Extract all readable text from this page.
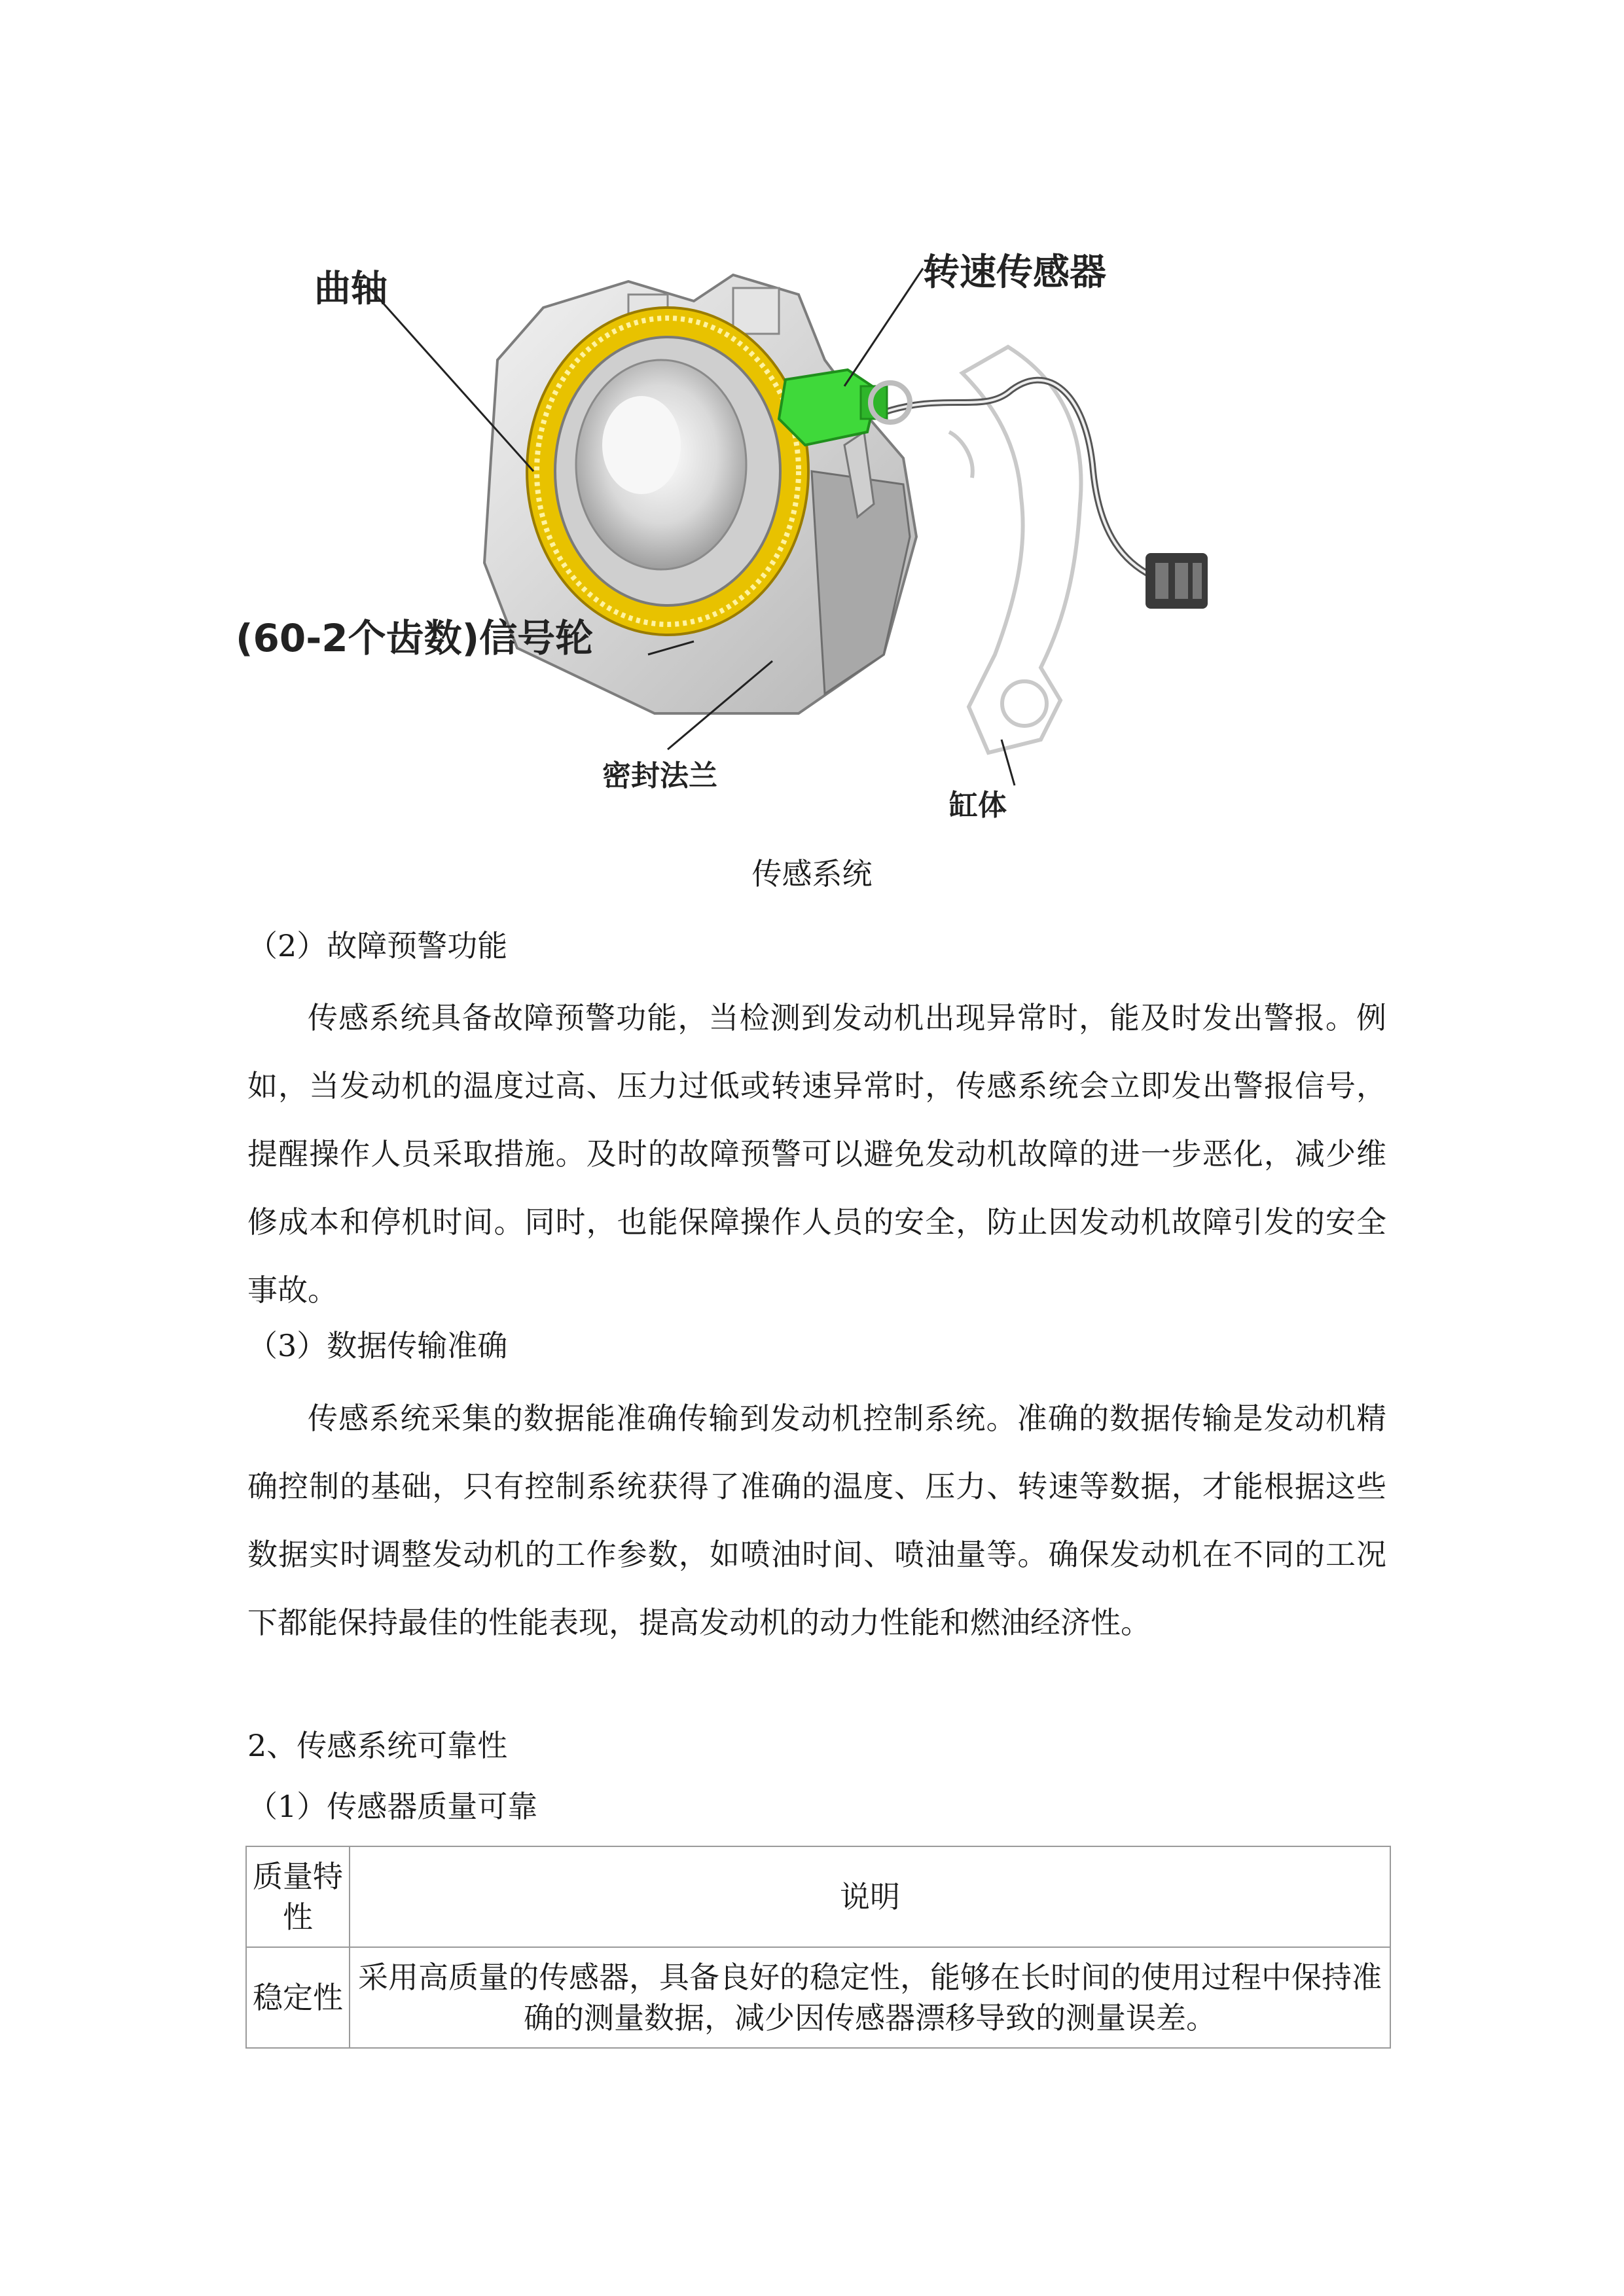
曲轴	转速传感器
(60-2个齿数)信号轮
密封法兰
缸体
传感系统
（2）故障预警功能

传感系统具备故障预警功能，当检测到发动机出现异常时，能及时发出警报。例如，当发动机的温度过高、压力过低或转速异常时，传感系统会立即发出警报信号，提醒操作人员采取措施。及时的故障预警可以避免发动机故障的进一步恶化，减少维修成本和停机时间。同时，也能保障操作人员的安全，防止因发动机故障引发的安全事故。

（3）数据传输准确

传感系统采集的数据能准确传输到发动机控制系统。准确的数据传输是发动机精确控制的基础，只有控制系统获得了准确的温度、压力、转速等数据，才能根据这些数据实时调整发动机的工作参数，如喷油时间、喷油量等。确保发动机在不同的工况下都能保持最佳的性能表现，提高发动机的动力性能和燃油经济性。

2、传感系统可靠性
（1）传感器质量可靠
质量特性	说明
稳定性	采用高质量的传感器，具备良好的稳定性，能够在长时间的使用过程中保持准确的测量数据，减少因传感器漂移导致的测量误差。
